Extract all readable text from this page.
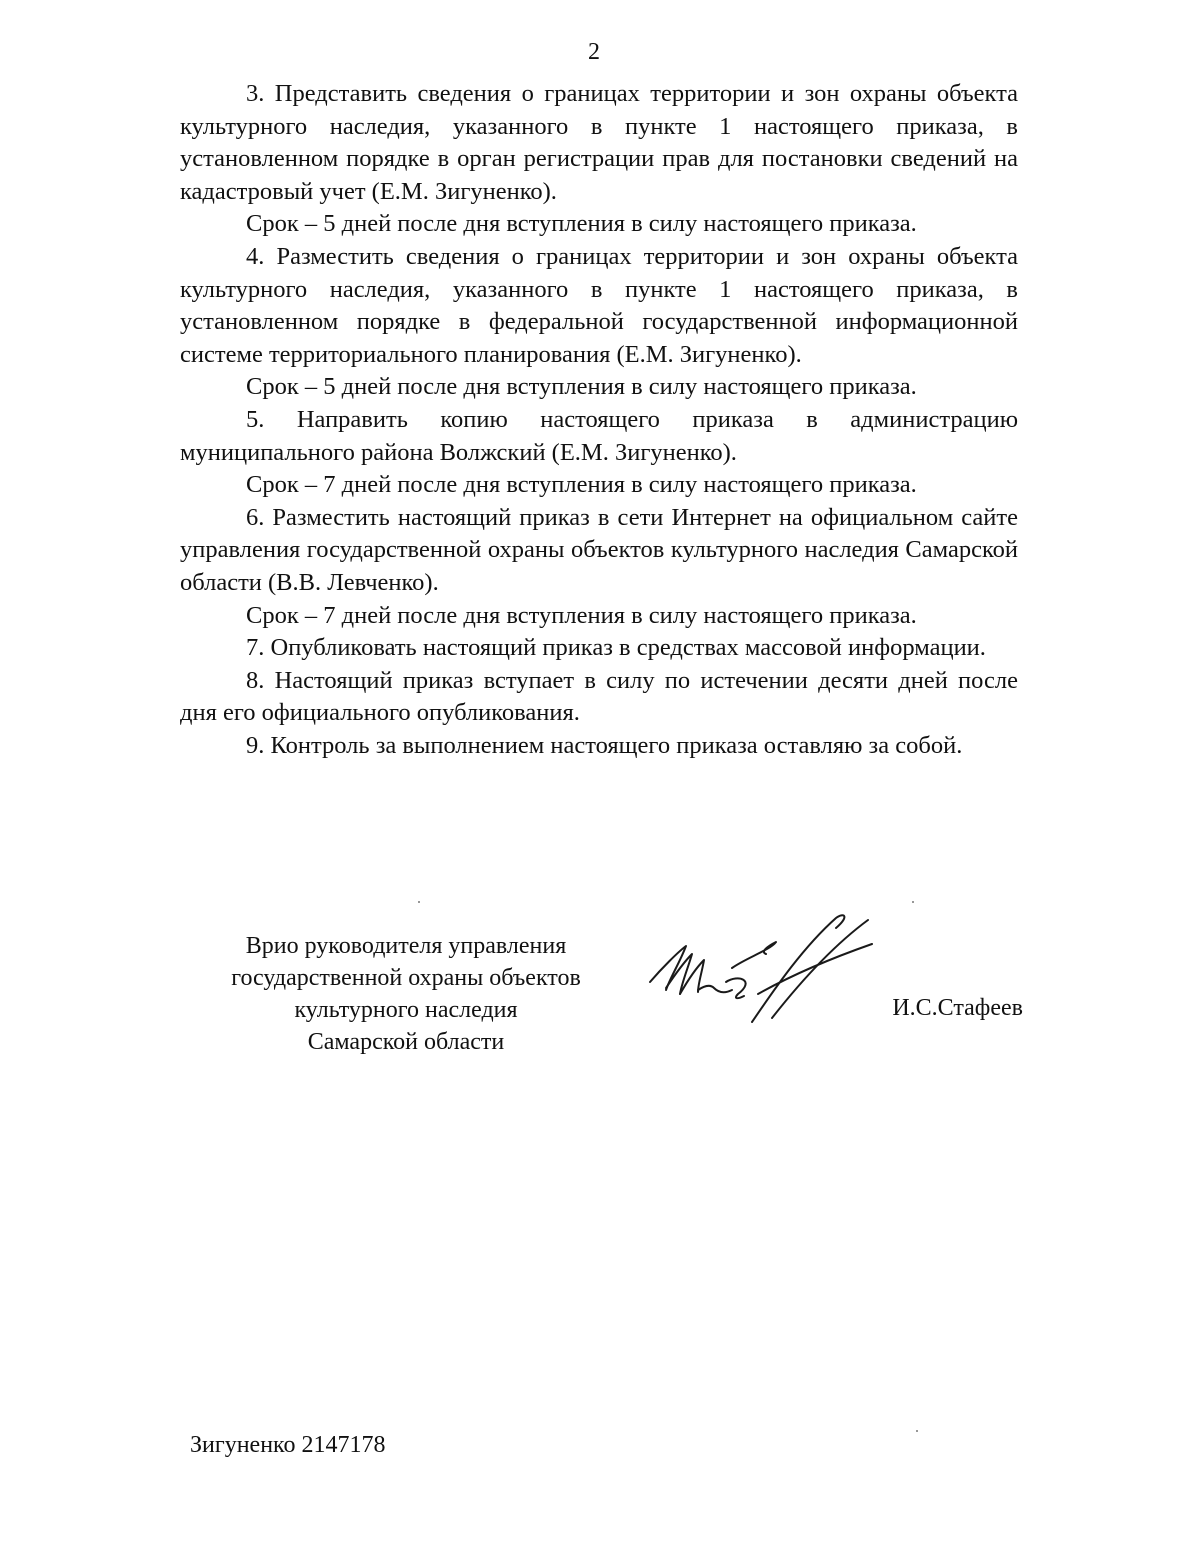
2

3. Представить сведения о границах территории и зон охраны объекта культурного наследия, указанного в пункте 1 настоящего приказа, в установленном порядке в орган регистрации прав для постановки сведений на кадастровый учет (Е.М. Зигуненко).

Срок – 5 дней после дня вступления в силу настоящего приказа.

4. Разместить сведения о границах территории и зон охраны объекта культурного наследия, указанного в пункте 1 настоящего приказа, в установленном порядке в федеральной государственной информационной системе территориального планирования (Е.М. Зигуненко).

Срок – 5 дней после дня вступления в силу настоящего приказа.

5. Направить копию настоящего приказа в администрацию муниципального района Волжский (Е.М. Зигуненко).

Срок – 7 дней после дня вступления в силу настоящего приказа.

6. Разместить настоящий приказ в сети Интернет на официальном сайте управления государственной охраны объектов культурного наследия Самарской области (В.В. Левченко).

Срок – 7 дней после дня вступления в силу настоящего приказа.

7. Опубликовать настоящий приказ в средствах массовой информации.

8. Настоящий приказ вступает в силу по истечении десяти дней после дня его официального опубликования.

9. Контроль за выполнением настоящего приказа оставляю за собой.

Врио руководителя управления
государственной охраны объектов
культурного наследия
Самарской области
И.С.Стафеев
Зигуненко 2147178
